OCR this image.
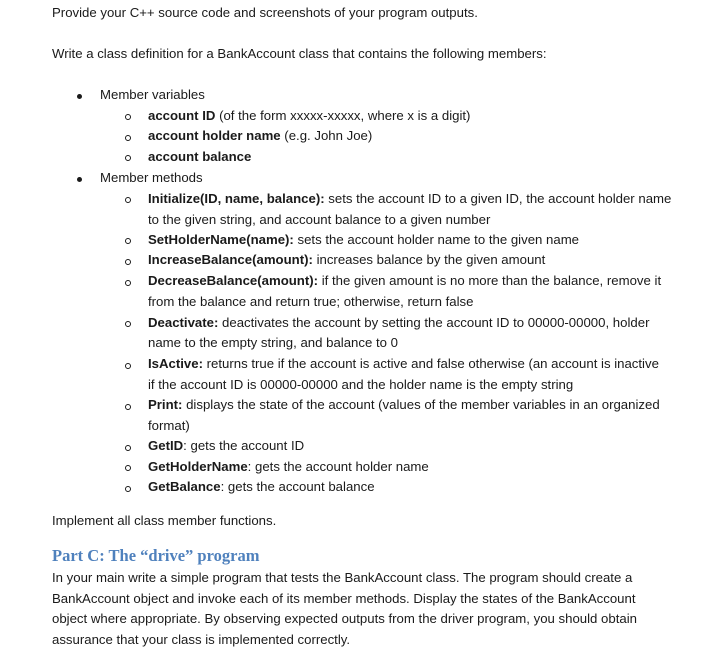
Provide your C++ source code and screenshots of your program outputs.

Write a class definition for a BankAccount class that contains the following members:

Member variables
account ID (of the form xxxxx-xxxxx, where x is a digit)
account holder name (e.g. John Joe)
account balance
Member methods
Initialize(ID, name, balance): sets the account ID to a given ID, the account holder name
to the given string, and account balance to a given number
SetHolderName(name): sets the account holder name to the given name
IncreaseBalance(amount): increases balance by the given amount
DecreaseBalance(amount): if the given amount is no more than the balance, remove it
from the balance and return true; otherwise, return false
Deactivate: deactivates the account by setting the account ID to 00000-00000, holder
name to the empty string, and balance to 0
IsActive: returns true if the account is active and false otherwise (an account is inactive
if the account ID is 00000-00000 and the holder name is the empty string
Print: displays the state of the account (values of the member variables in an organized
format)
GetID: gets the account ID
GetHolderName: gets the account holder name
GetBalance: gets the account balance

Implement all class member functions.

Part C: The “drive” program

In your main write a simple program that tests the BankAccount class. The program should create a

BankAccount object and invoke each of its member methods. Display the states of the BankAccount

object where appropriate. By observing expected outputs from the driver program, you should obtain

assurance that your class is implemented correctly.
